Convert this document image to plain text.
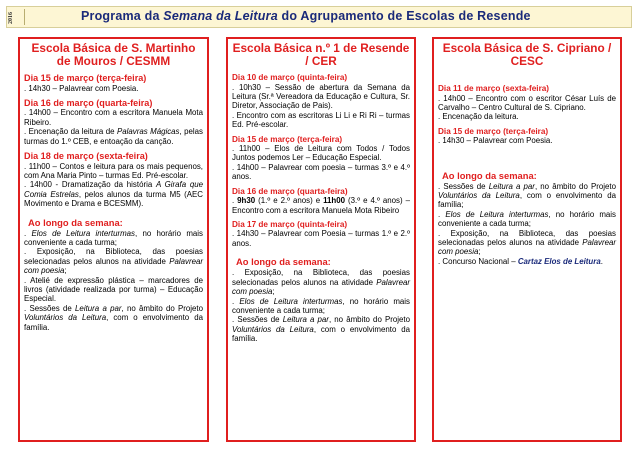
2016	Programa da Semana da Leitura do Agrupamento de Escolas de Resende
Escola Básica de S. Martinho de Mouros / CESMM
Dia 15 de março (terça-feira)
. 14h30 – Palavrear com Poesia.
Dia 16 de março (quarta-feira)
. 14h00 – Encontro com a escritora Manuela Mota Ribeiro.
. Encenação da leitura de Palavras Mágicas, pelas turmas do 1.º CEB, e entoação da canção.
Dia 18 de março (sexta-feira)
. 11h00 – Contos e leitura para os mais pequenos, com Ana Maria Pinto – turmas Ed. Pré-escolar.
. 14h00 - Dramatização da história A Girafa que Comia Estrelas, pelos alunos da turma M5 (AEC Movimento e Drama e BCESMM).
Ao longo da semana:
. Elos de Leitura interturmas, no horário mais conveniente a cada turma;
. Exposição, na Biblioteca, das poesias selecionadas pelos alunos na atividade Palavrear com poesia;
. Atelié de expressão plástica – marcadores de livros (atividade realizada por turma) – Educação Especial.
. Sessões de Leitura a par, no âmbito do Projeto Voluntários da Leitura, com o envolvimento da família.
Escola Básica n.º 1 de Resende / CER
Dia 10 de março (quinta-feira)
. 10h30 – Sessão de abertura da Semana da Leitura (Sr.ª Vereadora da Educação e Cultura, Sr. Diretor, Associação de Pais).
. Encontro com as escritoras Li Li e Ri Ri – turmas Ed. Pré-escolar.
Dia 15 de março (terça-feira)
. 11h00 – Elos de Leitura com Todos / Todos Juntos podemos Ler – Educação Especial.
. 14h00 – Palavrear com poesia – turmas 3.º e 4.º anos.
Dia 16 de março (quarta-feira)
. 9h30 (1.º e 2.º anos) e 11h00 (3.º e 4.º anos) – Encontro com a escritora Manuela Mota Ribeiro
Dia 17 de março (quinta-feira)
. 14h30 – Palavrear com Poesia – turmas 1.º e 2.º anos.
Ao longo da semana:
. Exposição, na Biblioteca, das poesias selecionadas pelos alunos na atividade Palavrear com poesia;
. Elos de Leitura interturmas, no horário mais conveniente a cada turma;
. Sessões de Leitura a par, no âmbito do Projeto Voluntários da Leitura, com o envolvimento da família.
Escola Básica de S. Cipriano / CESC
Dia 11 de março (sexta-feira)
. 14h00 – Encontro com o escritor César Luís de Carvalho – Centro Cultural de S. Cipriano.
. Encenação da leitura.
Dia 15 de março (terça-feira)
. 14h30 – Palavrear com Poesia.
Ao longo da semana:
. Sessões de Leitura a par, no âmbito do Projeto Voluntários da Leitura, com o envolvimento da família;
. Elos de Leitura interturmas, no horário mais conveniente a cada turma;
. Exposição, na Biblioteca, das poesias selecionadas pelos alunos na atividade Palavrear com poesia;
. Concurso Nacional – Cartaz Elos de Leitura.
